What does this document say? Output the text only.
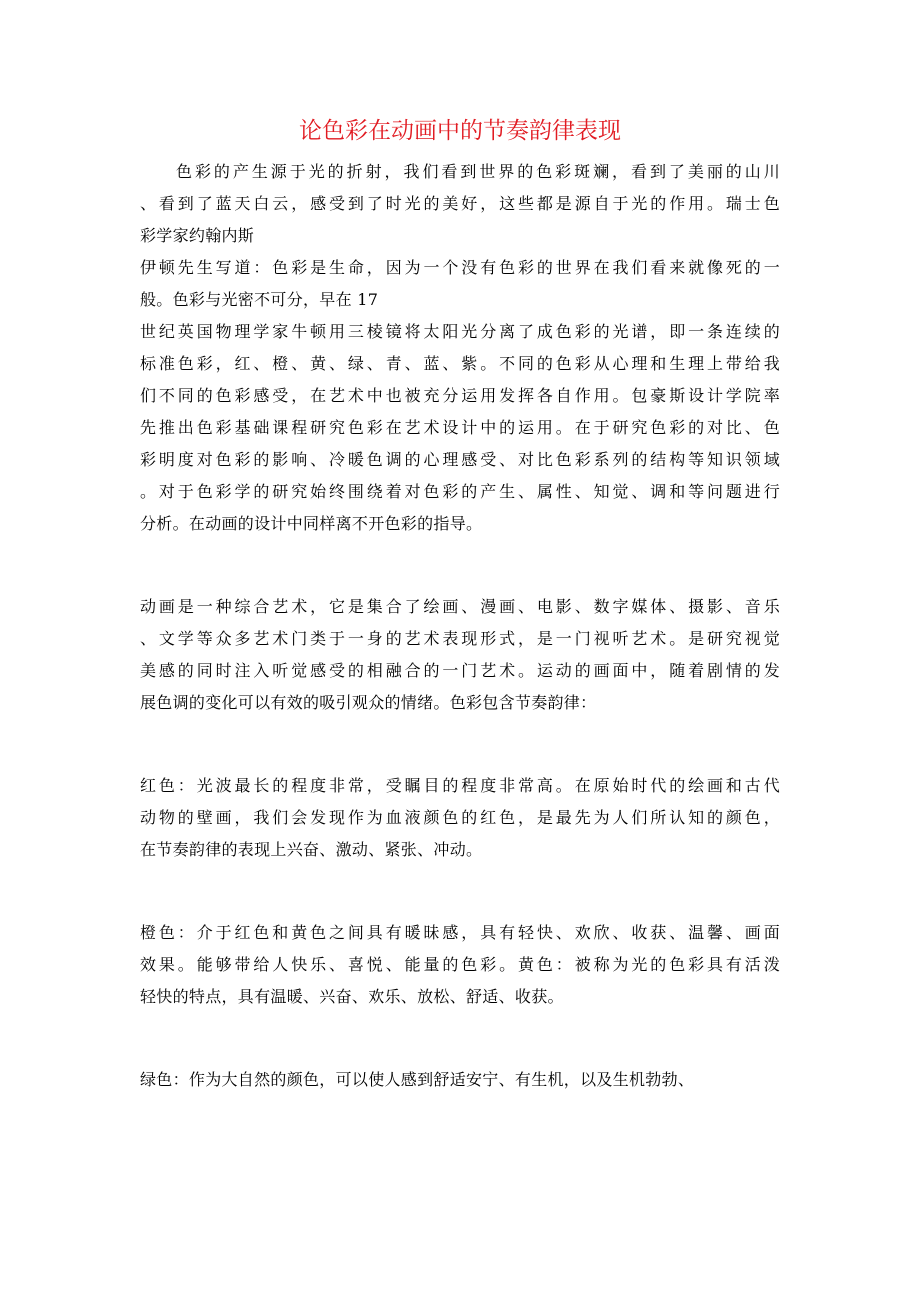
论色彩在动画中的节奏韵律表现
色彩的产生源于光的折射，我们看到世界的色彩斑斓，看到了美丽的山川
、看到了蓝天白云，感受到了时光的美好，这些都是源自于光的作用。瑞士色
彩学家约翰内斯
伊顿先生写道：色彩是生命，因为一个没有色彩的世界在我们看来就像死的一
般。色彩与光密不可分，早在 17
世纪英国物理学家牛顿用三棱镜将太阳光分离了成色彩的光谱，即一条连续的
标准色彩，红、橙、黄、绿、青、蓝、紫。不同的色彩从心理和生理上带给我
们不同的色彩感受，在艺术中也被充分运用发挥各自作用。包豪斯设计学院率
先推出色彩基础课程研究色彩在艺术设计中的运用。在于研究色彩的对比、色
彩明度对色彩的影响、冷暖色调的心理感受、对比色彩系列的结构等知识领域
。对于色彩学的研究始终围绕着对色彩的产生、属性、知觉、调和等问题进行
分析。在动画的设计中同样离不开色彩的指导。
动画是一种综合艺术，它是集合了绘画、漫画、电影、数字媒体、摄影、音乐
、文学等众多艺术门类于一身的艺术表现形式，是一门视听艺术。是研究视觉
美感的同时注入听觉感受的相融合的一门艺术。运动的画面中，随着剧情的发
展色调的变化可以有效的吸引观众的情绪。色彩包含节奏韵律：
红色：光波最长的程度非常，受瞩目的程度非常高。在原始时代的绘画和古代
动物的壁画，我们会发现作为血液颜色的红色，是最先为人们所认知的颜色，
在节奏韵律的表现上兴奋、激动、紧张、冲动。
橙色：介于红色和黄色之间具有暖昧感，具有轻快、欢欣、收获、温馨、画面
效果。能够带给人快乐、喜悦、能量的色彩。黄色：被称为光的色彩具有活泼
轻快的特点，具有温暖、兴奋、欢乐、放松、舒适、收获。
绿色：作为大自然的颜色，可以使人感到舒适安宁、有生机，以及生机勃勃、
